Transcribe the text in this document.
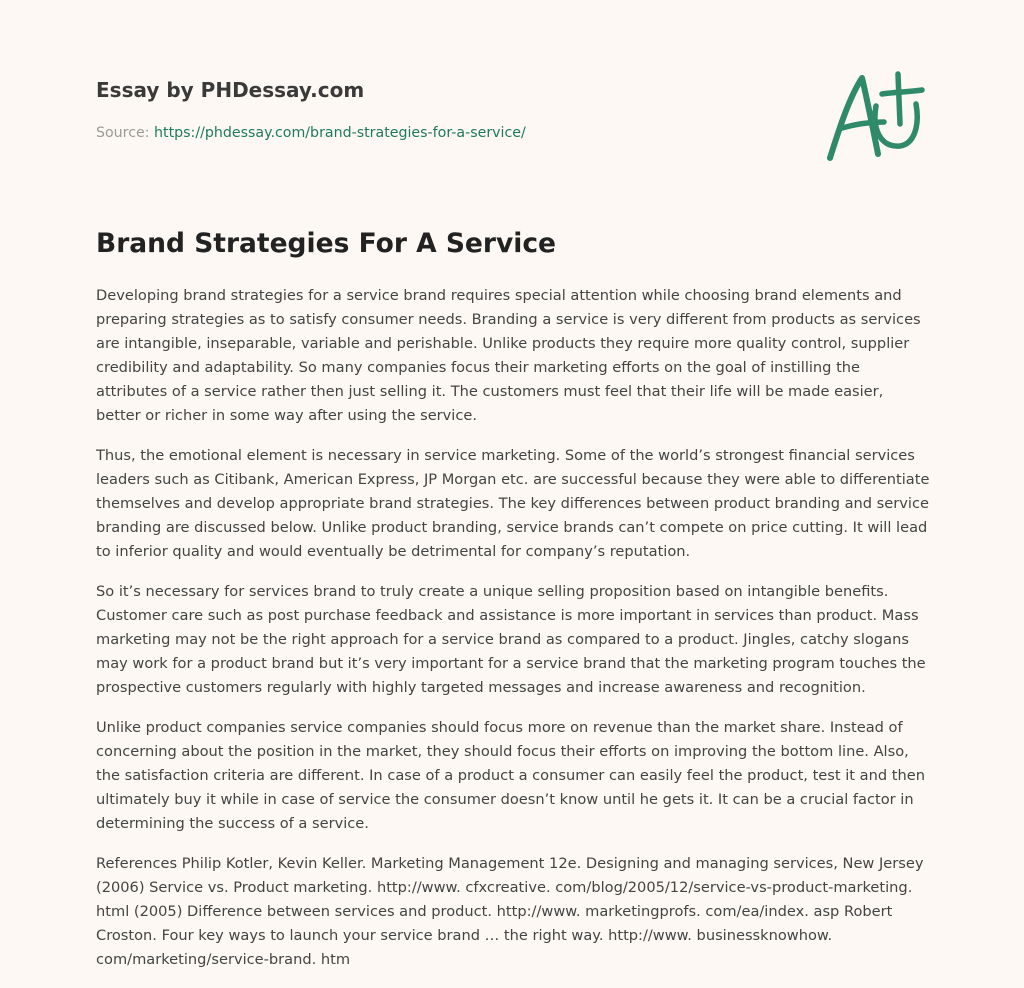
Essay by PHDessay.com
Source: https://phdessay.com/brand-strategies-for-a-service/
Brand Strategies For A Service

Developing brand strategies for a service brand requires special attention while choosing brand elements and preparing strategies as to satisfy consumer needs. Branding a service is very different from products as services are intangible, inseparable, variable and perishable. Unlike products they require more quality control, supplier credibility and adaptability. So many companies focus their marketing efforts on the goal of instilling the attributes of a service rather then just selling it. The customers must feel that their life will be made easier, better or richer in some way after using the service.

Thus, the emotional element is necessary in service marketing. Some of the world’s strongest financial services leaders such as Citibank, American Express, JP Morgan etc. are successful because they were able to differentiate themselves and develop appropriate brand strategies. The key differences between product branding and service branding are discussed below. Unlike product branding, service brands can’t compete on price cutting. It will lead to inferior quality and would eventually be detrimental for company’s reputation.

So it’s necessary for services brand to truly create a unique selling proposition based on intangible benefits. Customer care such as post purchase feedback and assistance is more important in services than product. Mass marketing may not be the right approach for a service brand as compared to a product. Jingles, catchy slogans may work for a product brand but it’s very important for a service brand that the marketing program touches the prospective customers regularly with highly targeted messages and increase awareness and recognition.

Unlike product companies service companies should focus more on revenue than the market share. Instead of concerning about the position in the market, they should focus their efforts on improving the bottom line. Also, the satisfaction criteria are different. In case of a product a consumer can easily feel the product, test it and then ultimately buy it while in case of service the consumer doesn’t know until he gets it. It can be a crucial factor in determining the success of a service.

References Philip Kotler, Kevin Keller. Marketing Management 12e. Designing and managing services, New Jersey (2006) Service vs. Product marketing. http://www. cfxcreative. com/blog/2005/12/service-vs-product-marketing. html (2005) Difference between services and product. http://www. marketingprofs. com/ea/index. asp Robert Croston. Four key ways to launch your service brand … the right way. http://www. businessknowhow. com/marketing/service-brand. htm
